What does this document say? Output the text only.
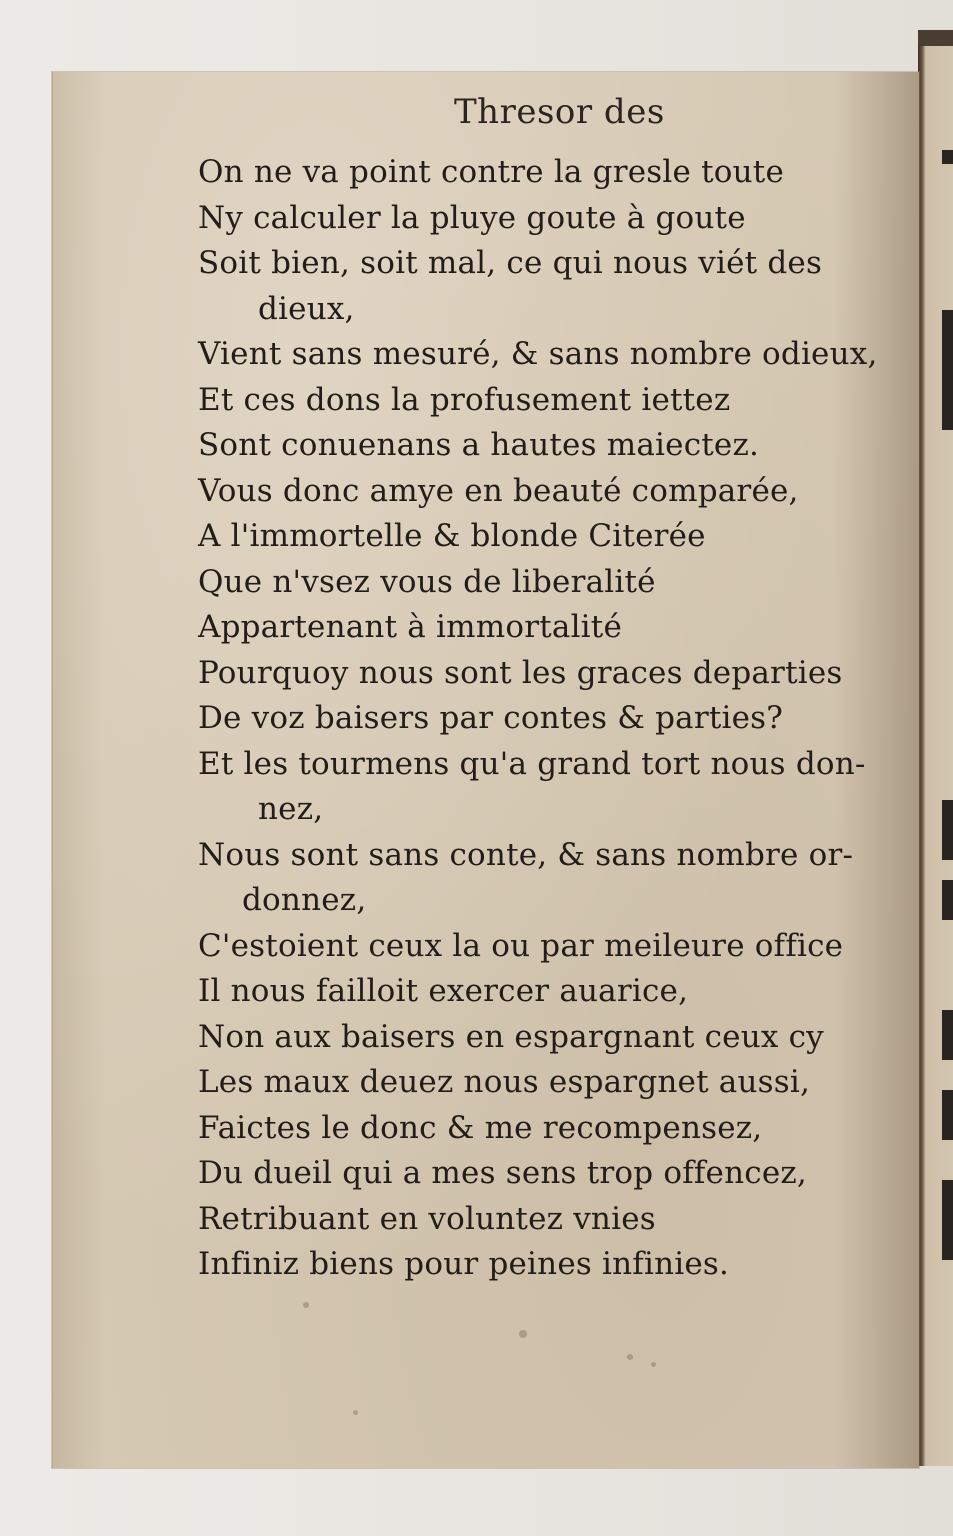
Thresor des
On ne va point contre la gresle toute
Ny calculer la pluye goute à goute
Soit bien, soit mal, ce qui nous viét des
dieux,
Vient sans mesuré, & sans nombre odieux,
Et ces dons la profusement iettez
Sont conuenans a hautes maiectez.
Vous donc amye en beauté comparée,
A l'immortelle & blonde Citerée
Que n'vsez vous de liberalité
Appartenant à immortalité
Pourquoy nous sont les graces departies
De voz baisers par contes & parties?
Et les tourmens qu'a grand tort nous don-
nez,
Nous sont sans conte, & sans nombre or-
donnez,
C'estoient ceux la ou par meileure office
Il nous failloit exercer auarice,
Non aux baisers en espargnant ceux cy
Les maux deuez nous espargnet aussi,
Faictes le donc & me recompensez,
Du dueil qui a mes sens trop offencez,
Retribuant en voluntez vnies
Infiniz biens pour peines infinies.
